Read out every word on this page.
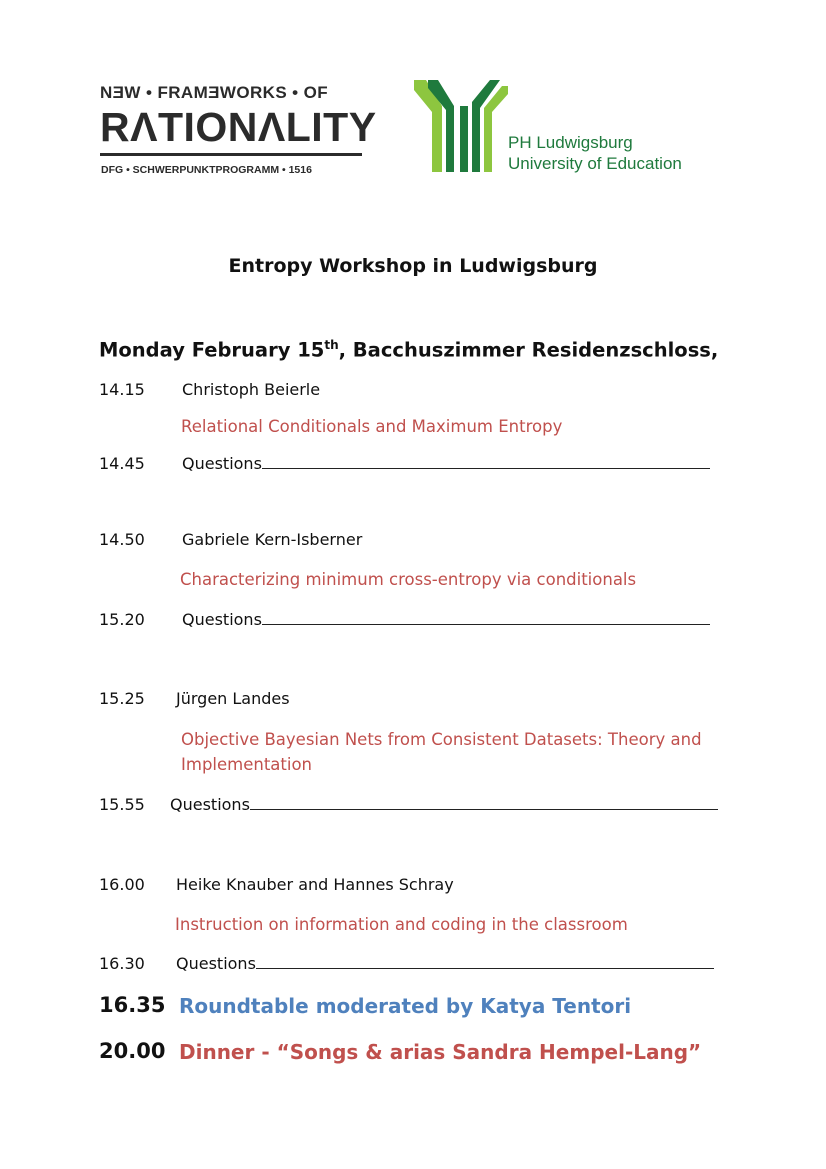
NƎW • FRAMƎWORKS • OF
RɅTIONɅLITY
DFG • SCHWERPUNKTPROGRAMM • 1516
PH Ludwigsburg
University of Education
Entropy Workshop in Ludwigsburg
Monday February 15th, Bacchuszimmer Residenzschloss,
14.15 Christoph Beierle
Relational Conditionals and Maximum Entropy
14.45 Questions
14.50 Gabriele Kern-Isberner
Characterizing minimum cross-entropy via conditionals
15.20 Questions
15.25 Jürgen Landes
Objective Bayesian Nets from Consistent Datasets: Theory and Implementation
15.55 Questions
16.00 Heike Knauber and Hannes Schray
Instruction on information and coding in the classroom
16.30 Questions
16.35 Roundtable moderated by Katya Tentori
20.00 Dinner - “Songs & arias Sandra Hempel-Lang”
